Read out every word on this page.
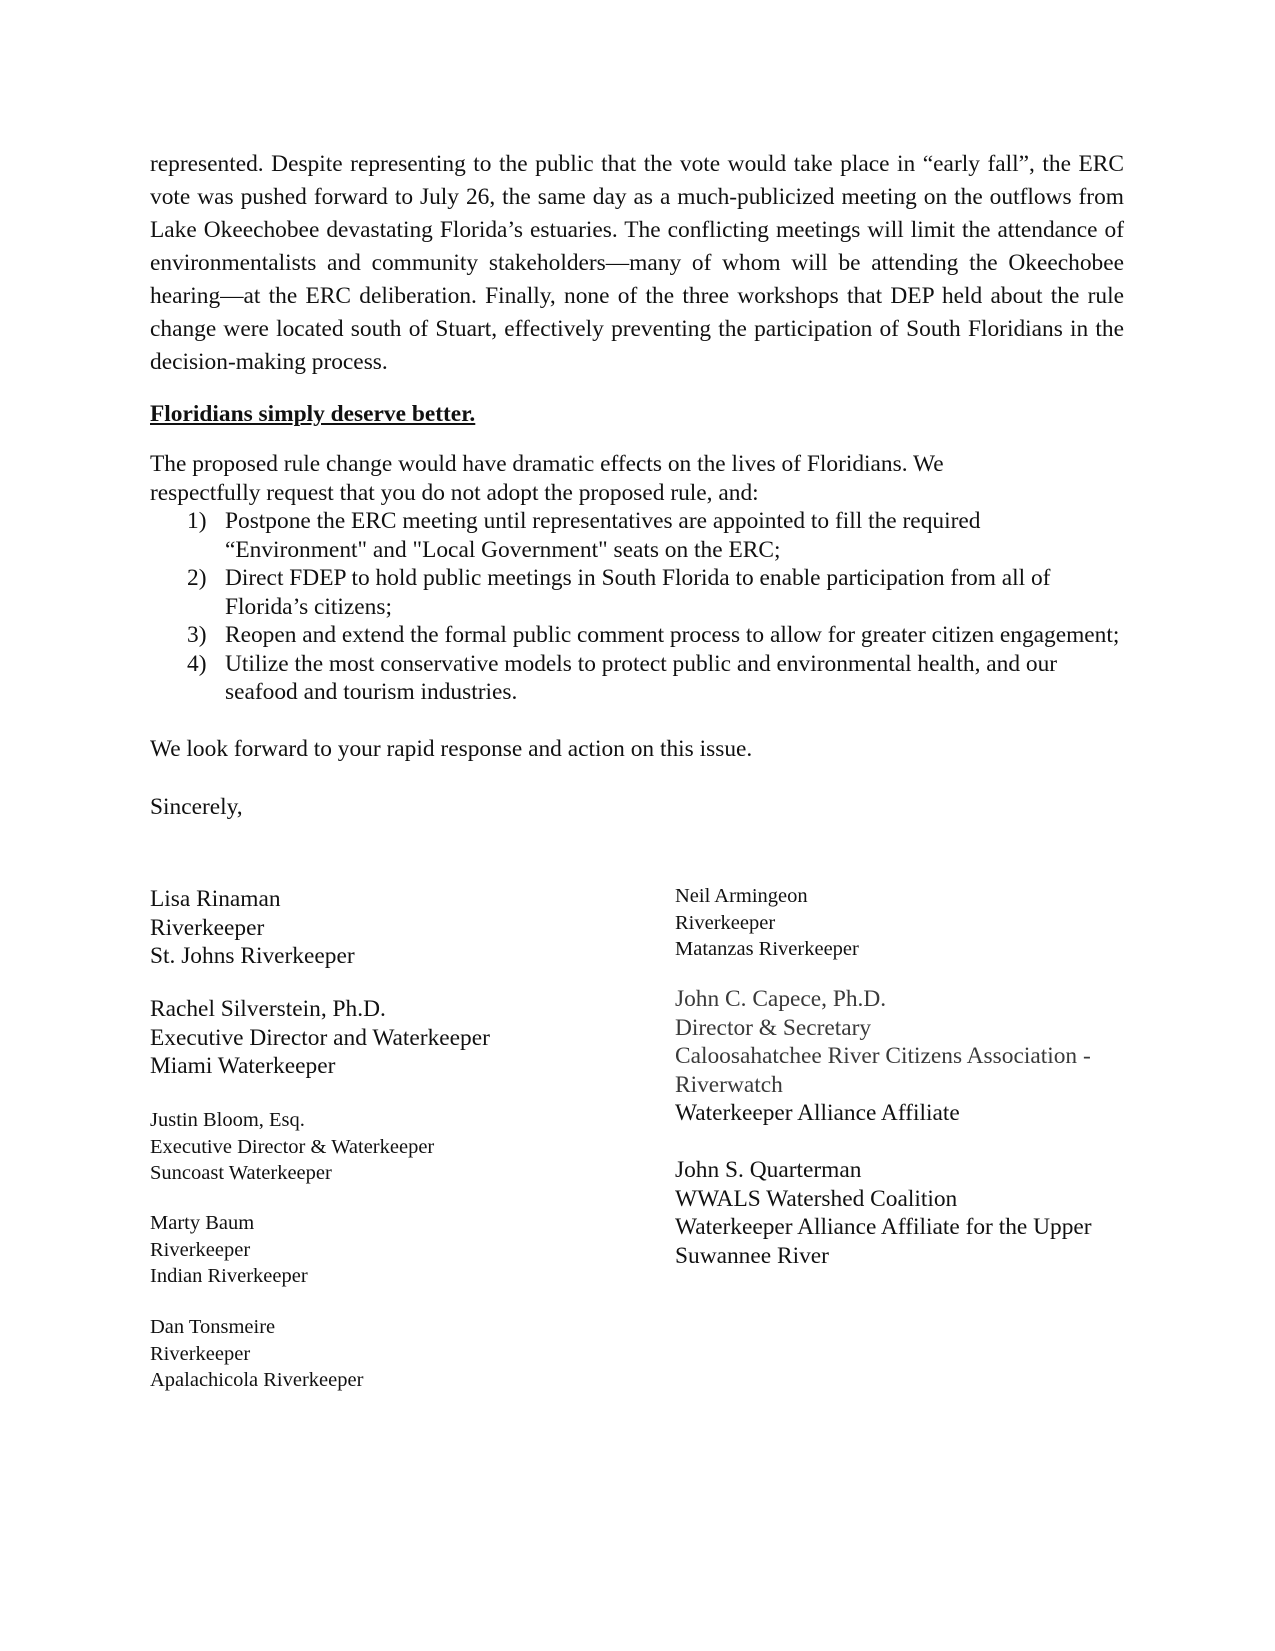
represented. Despite representing to the public that the vote would take place in “early fall”, the ERC vote was pushed forward to July 26, the same day as a much-publicized meeting on the outflows from Lake Okeechobee devastating Florida’s estuaries. The conflicting meetings will limit the attendance of environmentalists and community stakeholders—many of whom will be attending the Okeechobee hearing—at the ERC deliberation. Finally, none of the three workshops that DEP held about the rule change were located south of Stuart, effectively preventing the participation of South Floridians in the decision-making process.

Floridians simply deserve better.

The proposed rule change would have dramatic effects on the lives of Floridians. We respectfully request that you do not adopt the proposed rule, and:

1) Postpone the ERC meeting until representatives are appointed to fill the required “Environment" and "Local Government" seats on the ERC;
2) Direct FDEP to hold public meetings in South Florida to enable participation from all of Florida’s citizens;
3) Reopen and extend the formal public comment process to allow for greater citizen engagement;
4) Utilize the most conservative models to protect public and environmental health, and our seafood and tourism industries.

We look forward to your rapid response and action on this issue.

Sincerely,

Lisa Rinaman
Riverkeeper
St. Johns Riverkeeper
Rachel Silverstein, Ph.D.
Executive Director and Waterkeeper
Miami Waterkeeper
Justin Bloom, Esq.
Executive Director & Waterkeeper
Suncoast Waterkeeper
Marty Baum
Riverkeeper
Indian Riverkeeper
Dan Tonsmeire
Riverkeeper
Apalachicola Riverkeeper
Neil Armingeon
Riverkeeper
Matanzas Riverkeeper
John C. Capece, Ph.D.
Director & Secretary
Caloosahatchee River Citizens Association - Riverwatch
Waterkeeper Alliance Affiliate
John S. Quarterman
WWALS Watershed Coalition
Waterkeeper Alliance Affiliate for the Upper Suwannee River
